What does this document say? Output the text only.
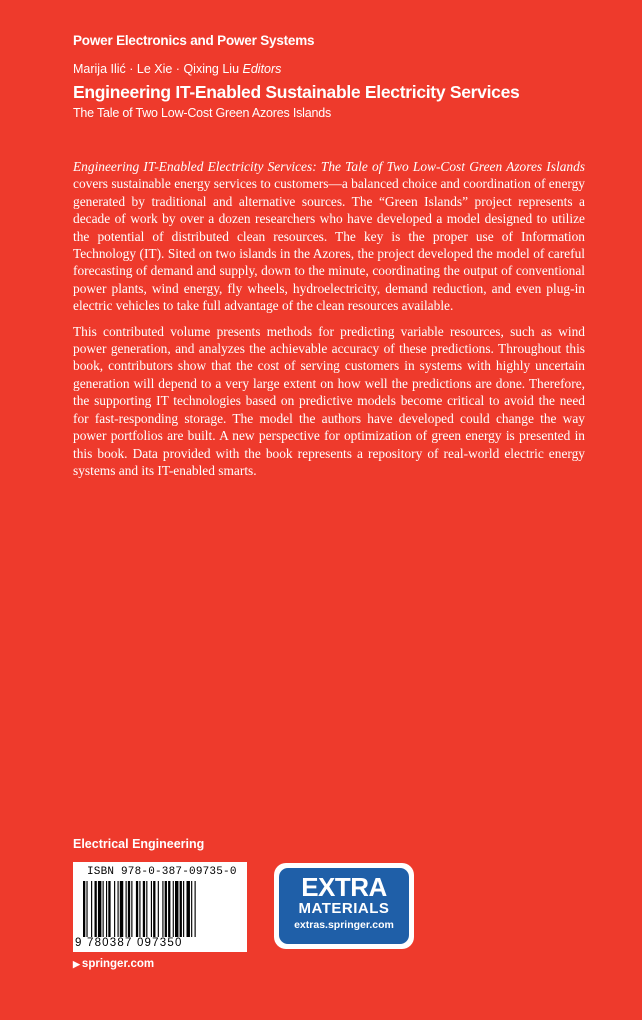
Power Electronics and Power Systems
Marija Ilić · Le Xie · Qixing Liu Editors
Engineering IT-Enabled Sustainable Electricity Services
The Tale of Two Low-Cost Green Azores Islands

Engineering IT-Enabled Electricity Services: The Tale of Two Low-Cost Green Azores Islands covers sustainable energy services to customers—a balanced choice and coordination of energy generated by traditional and alternative sources. The “Green Islands” project represents a decade of work by over a dozen researchers who have developed a model designed to utilize the potential of distributed clean resources. The key is the proper use of Information Technology (IT). Sited on two islands in the Azores, the project developed the model of careful forecasting of demand and supply, down to the minute, coordinating the output of conventional power plants, wind energy, fly wheels, hydroelectricity, demand reduction, and even plug-in electric vehicles to take full advantage of the clean resources available.

This contributed volume presents methods for predicting variable resources, such as wind power generation, and analyzes the achievable accuracy of these predictions. Throughout this book, contributors show that the cost of serving customers in systems with highly uncertain generation will depend to a very large extent on how well the predictions are done. Therefore, the supporting IT technologies based on predictive models become critical to avoid the need for fast-responding storage. The model the authors have developed could change the way power portfolios are built. A new perspective for optimization of green energy is presented in this book. Data provided with the book represents a repository of real-world electric energy systems and its IT-enabled smarts.

Electrical Engineering
ISBN 978-0-387-09735-0
9 780387 097350
EXTRA
MATERIALS
extras.springer.com
▶ springer.com
